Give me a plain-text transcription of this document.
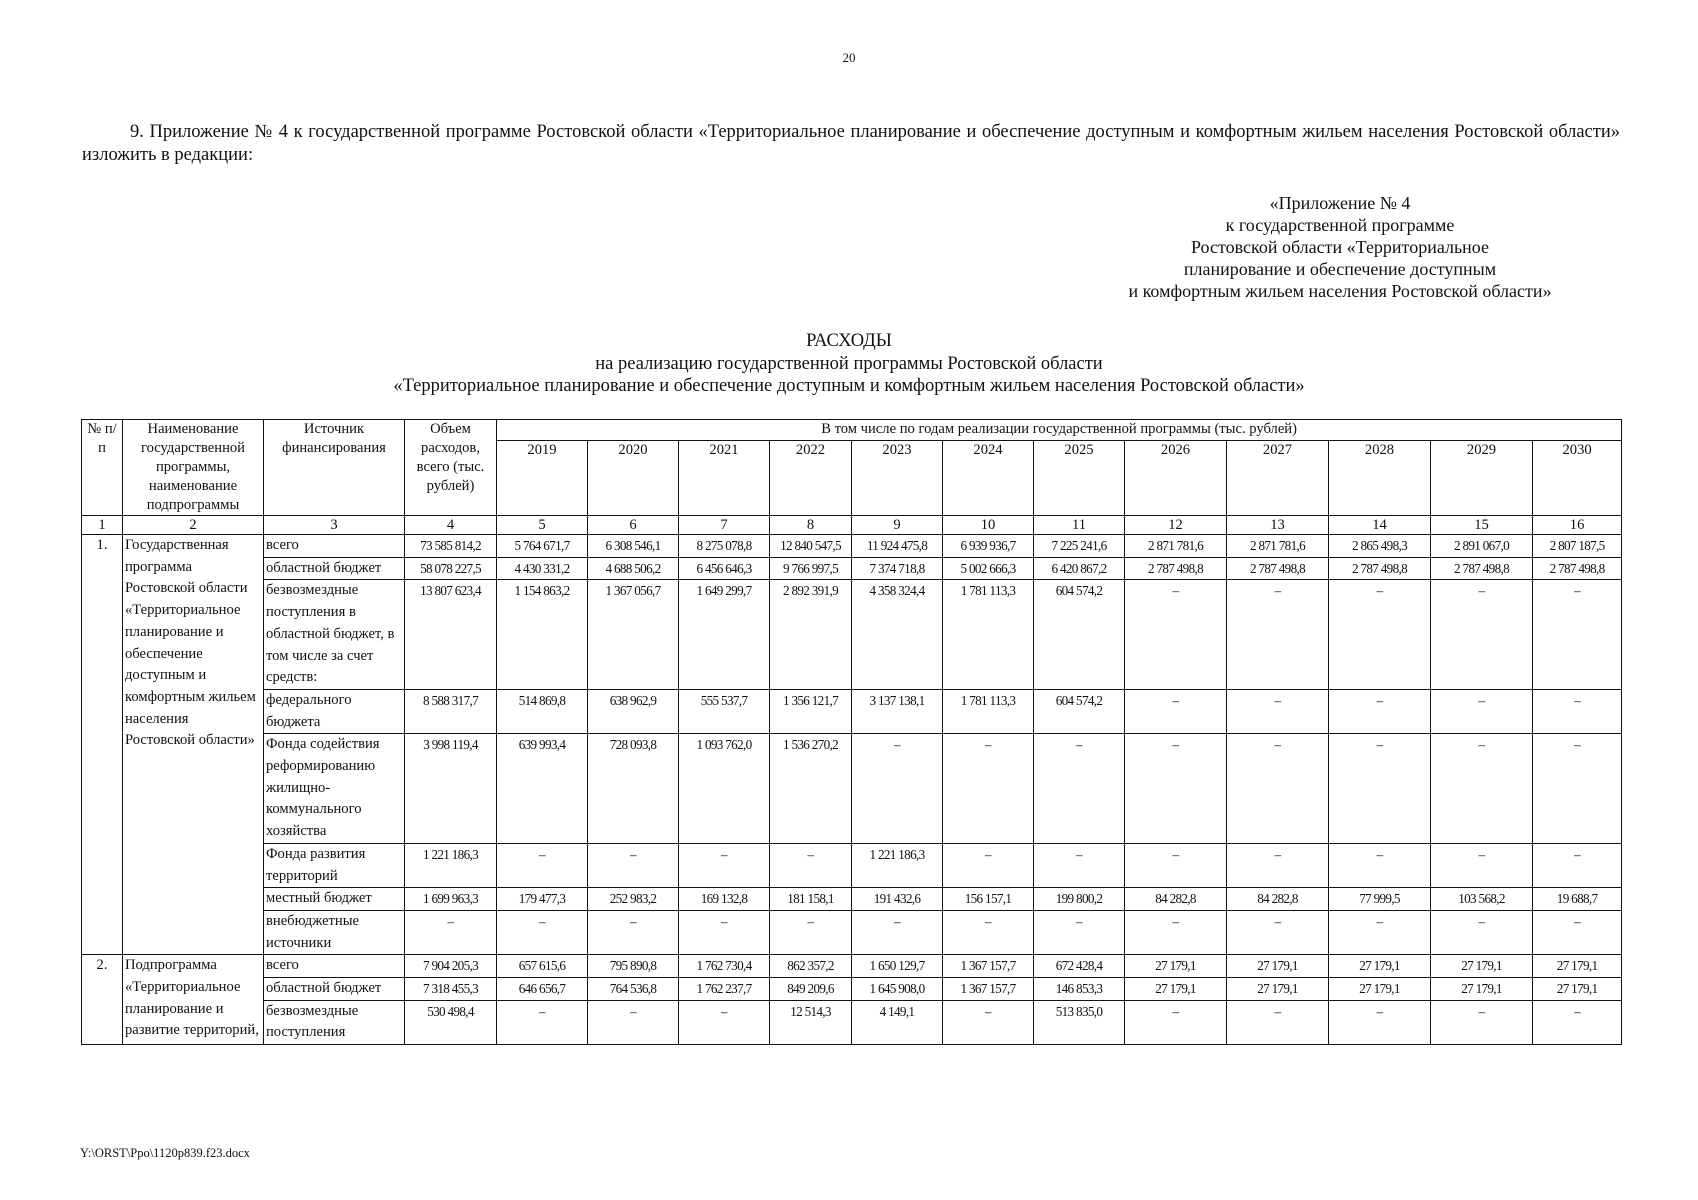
20
9. Приложение № 4 к государственной программе Ростовской области «Территориальное планирование и обеспечение доступным и комфортным жильем населения Ростовской области» изложить в редакции:
«Приложение № 4
к государственной программе
Ростовской области «Территориальное
планирование и обеспечение доступным
и комфортным жильем населения Ростовской области»
РАСХОДЫ
на реализацию государственной программы Ростовской области
«Территориальное планирование и обеспечение доступным и комфортным жильем населения Ростовской области»
№ п/п	Наименование государственной программы, наименование подпрограммы	Источник финансирования	Объем расходов, всего (тыс. рублей)	В том числе по годам реализации государственной программы (тыс. рублей)											
				2019	2020	2021	2022	2023	2024	2025	2026	2027	2028	2029	2030
1	2	3	4	5	6	7	8	9	10	11	12	13	14	15	16
1.	Государственная программа Ростовской области «Территориальное планирование и обеспечение доступным и комфортным жильем населения Ростовской области»	всего	73 585 814,2	5 764 671,7	6 308 546,1	8 275 078,8	12 840 547,5	11 924 475,8	6 939 936,7	7 225 241,6	2 871 781,6	2 871 781,6	2 865 498,3	2 891 067,0	2 807 187,5
		областной бюджет	58 078 227,5	4 430 331,2	4 688 506,2	6 456 646,3	9 766 997,5	7 374 718,8	5 002 666,3	6 420 867,2	2 787 498,8	2 787 498,8	2 787 498,8	2 787 498,8	2 787 498,8
		безвозмездные поступления в областной бюджет, в том числе за счет средств:	13 807 623,4	1 154 863,2	1 367 056,7	1 649 299,7	2 892 391,9	4 358 324,4	1 781 113,3	604 574,2	–	–	–	–	–
		федерального бюджета	8 588 317,7	514 869,8	638 962,9	555 537,7	1 356 121,7	3 137 138,1	1 781 113,3	604 574,2	–	–	–	–	–
		Фонда содействия реформированию жилищно-коммунального хозяйства	3 998 119,4	639 993,4	728 093,8	1 093 762,0	1 536 270,2	–	–	–	–	–	–	–	–
		Фонда развития территорий	1 221 186,3	–	–	–	–	1 221 186,3	–	–	–	–	–	–	–
		местный бюджет	1 699 963,3	179 477,3	252 983,2	169 132,8	181 158,1	191 432,6	156 157,1	199 800,2	84 282,8	84 282,8	77 999,5	103 568,2	19 688,7
		внебюджетные источники	–	–	–	–	–	–	–	–	–	–	–	–	–
2.	Подпрограмма «Территориальное планирование и развитие территорий,	всего	7 904 205,3	657 615,6	795 890,8	1 762 730,4	862 357,2	1 650 129,7	1 367 157,7	672 428,4	27 179,1	27 179,1	27 179,1	27 179,1	27 179,1
		областной бюджет	7 318 455,3	646 656,7	764 536,8	1 762 237,7	849 209,6	1 645 908,0	1 367 157,7	146 853,3	27 179,1	27 179,1	27 179,1	27 179,1	27 179,1
		безвозмездные поступления	530 498,4	–	–	–	12 514,3	4 149,1	–	513 835,0	–	–	–	–	–
Y:\ORST\Ppo\1120p839.f23.docx
